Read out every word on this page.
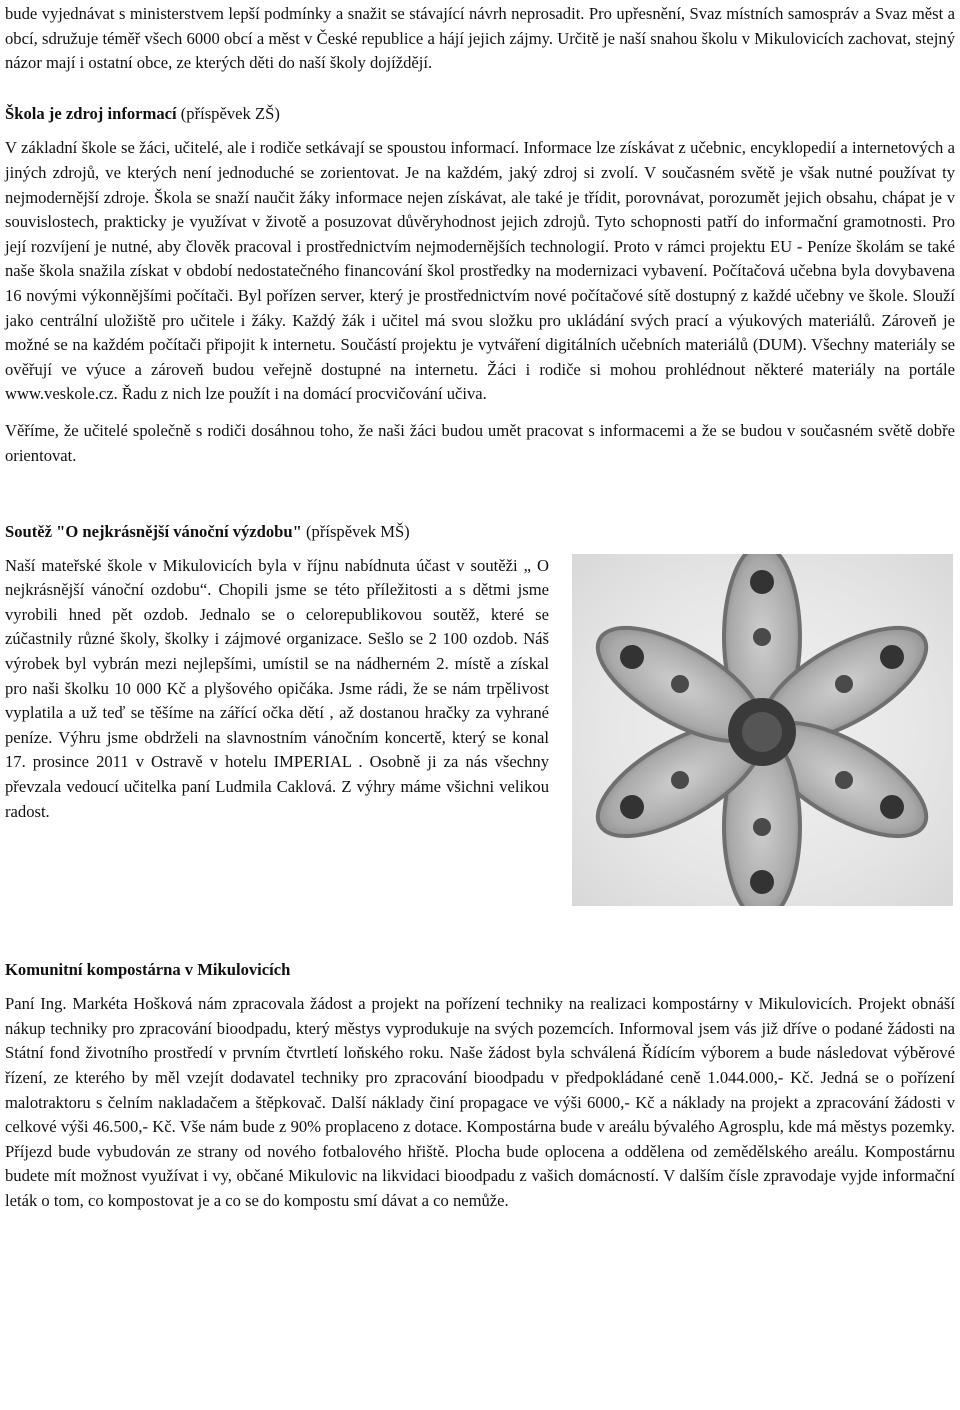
bude vyjednávat s ministerstvem lepší podmínky a snažit se stávající návrh neprosadit. Pro upřesnění, Svaz místních samospráv a Svaz měst a obcí, sdružuje téměř všech 6000 obcí a měst v České republice a hájí jejich zájmy. Určitě je naší snahou školu v Mikulovicích zachovat, stejný názor mají i ostatní obce, ze kterých děti do naší školy dojíždějí.

Škola je zdroj informací (příspěvek ZŠ)

V základní škole se žáci, učitelé, ale i rodiče setkávají se spoustou informací. Informace lze získávat z učebnic, encyklopedií a internetových a jiných zdrojů, ve kterých není jednoduché se zorientovat. Je na každém, jaký zdroj si zvolí. V současném světě je však nutné používat ty nejmodernější zdroje. Škola se snaží naučit žáky informace nejen získávat, ale také je třídit, porovnávat, porozumět jejich obsahu, chápat je v souvislostech, prakticky je využívat v životě a posuzovat důvěryhodnost jejich zdrojů. Tyto schopnosti patří do informační gramotnosti. Pro její rozvíjení je nutné, aby člověk pracoval i prostřednictvím nejmodernějších technologií. Proto v rámci projektu EU - Peníze školám se také naše škola snažila získat v období nedostatečného financování škol prostředky na modernizaci vybavení. Počítačová učebna byla dovybavena 16 novými výkonnějšími počítači. Byl pořízen server, který je prostřednictvím nové počítačové sítě dostupný z každé učebny ve škole. Slouží jako centrální uložiště pro učitele i žáky. Každý žák i učitel má svou složku pro ukládání svých prací a výukových materiálů. Zároveň je možné se na každém počítači připojit k internetu. Součástí projektu je vytváření digitálních učebních materiálů (DUM). Všechny materiály se ověřují ve výuce a zároveň budou veřejně dostupné na internetu. Žáci i rodiče si mohou prohlédnout některé materiály na portále www.veskole.cz. Řadu z nich lze použít i na domácí procvičování učiva.

Věříme, že učitelé společně s rodiči dosáhnou toho, že naši žáci budou umět pracovat s informacemi a že se budou v současném světě dobře orientovat.

Soutěž "O nejkrásnější vánoční výzdobu" (příspěvek MŠ)

Naší mateřské škole v Mikulovicích byla v říjnu nabídnuta účast v soutěži „ O nejkrásnější vánoční ozdobu“. Chopili jsme se této příležitosti a s dětmi jsme vyrobili hned pět ozdob. Jednalo se o celorepublikovou soutěž, které se zúčastnily různé školy, školky i zájmové organizace. Sešlo se 2 100 ozdob. Náš výrobek byl vybrán mezi nejlepšími, umístil se na nádherném 2. místě a získal pro naši školku 10 000 Kč a plyšového opičáka. Jsme rádi, že se nám trpělivost vyplatila a už teď se těšíme na zářící očka dětí , až dostanou hračky za vyhrané peníze. Výhru jsme obdrželi na slavnostním vánočním koncertě, který se konal 17. prosince 2011 v Ostravě v hotelu IMPERIAL . Osobně ji za nás všechny převzala vedoucí učitelka paní Ludmila Caklová. Z výhry máme všichni velikou radost.

Komunitní kompostárna v Mikulovicích

Paní Ing. Markéta Hošková nám zpracovala žádost a projekt na pořízení techniky na realizaci kompostárny v Mikulovicích. Projekt obnáší nákup techniky pro zpracování bioodpadu, který městys vyprodukuje na svých pozemcích. Informoval jsem vás již dříve o podané žádosti na Státní fond životního prostředí v prvním čtvrtletí loňského roku. Naše žádost byla schválená Řídícím výborem a bude následovat výběrové řízení, ze kterého by měl vzejít dodavatel techniky pro zpracování bioodpadu v předpokládané ceně 1.044.000,- Kč. Jedná se o pořízení malotraktoru s čelním nakladačem a štěpkovač. Další náklady činí propagace ve výši 6000,- Kč a náklady na projekt a zpracování žádosti v celkové výši 46.500,- Kč. Vše nám bude z 90% proplaceno z dotace. Kompostárna bude v areálu bývalého Agrosplu, kde má městys pozemky. Příjezd bude vybudován ze strany od nového fotbalového hřiště. Plocha bude oplocena a oddělena od zemědělského areálu. Kompostárnu budete mít možnost využívat i vy, občané Mikulovic na likvidaci bioodpadu z vašich domácností. V dalším čísle zpravodaje vyjde informační leták o tom, co kompostovat je a co se do kompostu smí dávat a co nemůže.
